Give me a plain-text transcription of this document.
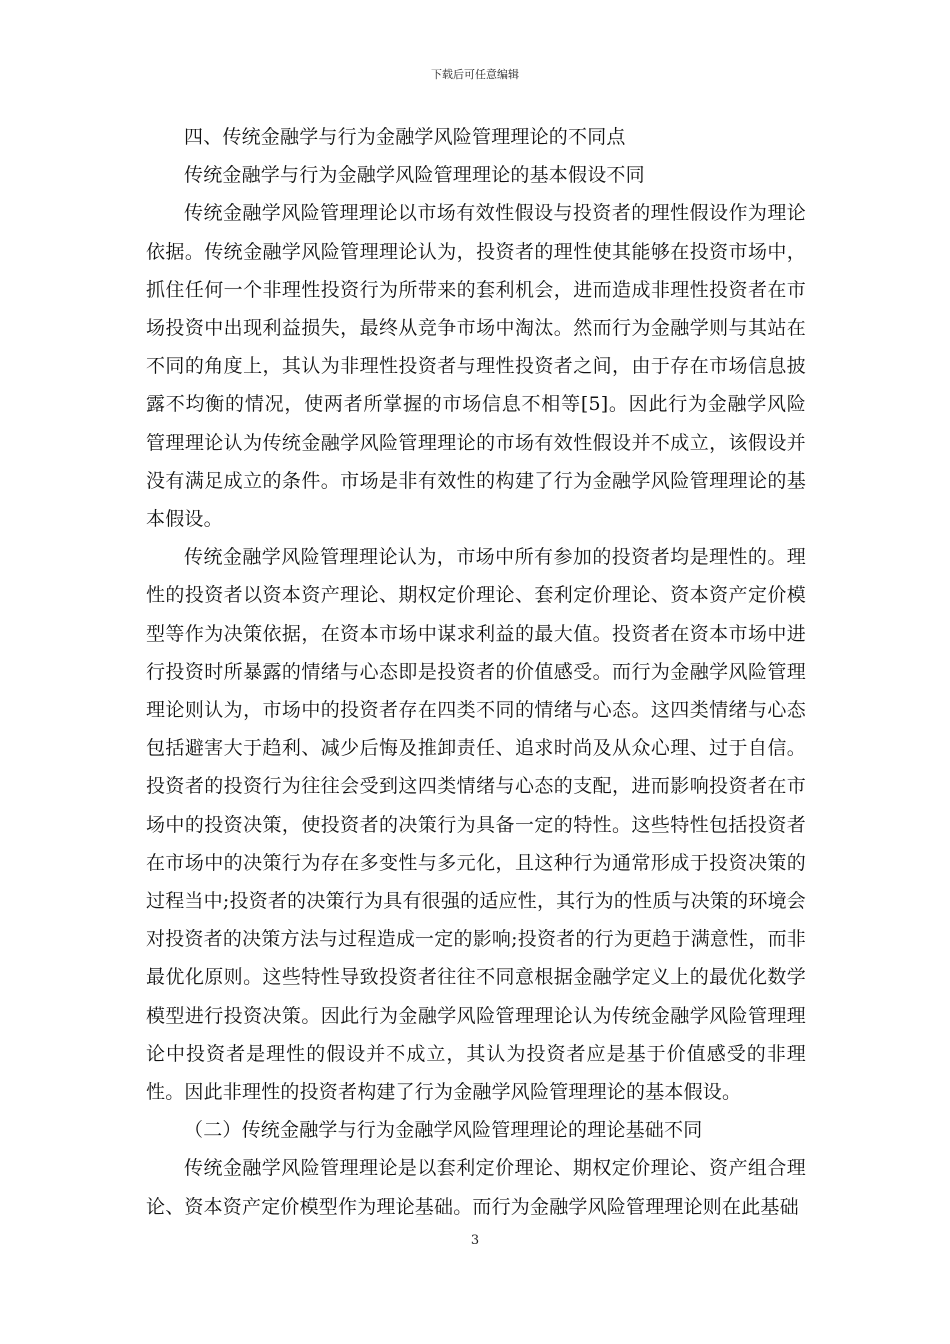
下载后可任意编辑

四、传统金融学与行为金融学风险管理理论的不同点

传统金融学与行为金融学风险管理理论的基本假设不同

传统金融学风险管理理论以市场有效性假设与投资者的理性假设作为理论依据。传统金融学风险管理理论认为，投资者的理性使其能够在投资市场中，抓住任何一个非理性投资行为所带来的套利机会，进而造成非理性投资者在市场投资中出现利益损失，最终从竞争市场中淘汰。然而行为金融学则与其站在不同的角度上，其认为非理性投资者与理性投资者之间，由于存在市场信息披露不均衡的情况，使两者所掌握的市场信息不相等[5]。因此行为金融学风险管理理论认为传统金融学风险管理理论的市场有效性假设并不成立，该假设并没有满足成立的条件。市场是非有效性的构建了行为金融学风险管理理论的基本假设。

传统金融学风险管理理论认为，市场中所有参加的投资者均是理性的。理性的投资者以资本资产理论、期权定价理论、套利定价理论、资本资产定价模型等作为决策依据，在资本市场中谋求利益的最大值。投资者在资本市场中进行投资时所暴露的情绪与心态即是投资者的价值感受。而行为金融学风险管理理论则认为，市场中的投资者存在四类不同的情绪与心态。这四类情绪与心态包括避害大于趋利、减少后悔及推卸责任、追求时尚及从众心理、过于自信。投资者的投资行为往往会受到这四类情绪与心态的支配，进而影响投资者在市场中的投资决策，使投资者的决策行为具备一定的特性。这些特性包括投资者在市场中的决策行为存在多变性与多元化，且这种行为通常形成于投资决策的过程当中;投资者的决策行为具有很强的适应性，其行为的性质与决策的环境会对投资者的决策方法与过程造成一定的影响;投资者的行为更趋于满意性，而非最优化原则。这些特性导致投资者往往不同意根据金融学定义上的最优化数学模型进行投资决策。因此行为金融学风险管理理论认为传统金融学风险管理理论中投资者是理性的假设并不成立，其认为投资者应是基于价值感受的非理性。因此非理性的投资者构建了行为金融学风险管理理论的基本假设。

（二）传统金融学与行为金融学风险管理理论的理论基础不同

传统金融学风险管理理论是以套利定价理论、期权定价理论、资产组合理论、资本资产定价模型作为理论基础。而行为金融学风险管理理论则在此基础

3
